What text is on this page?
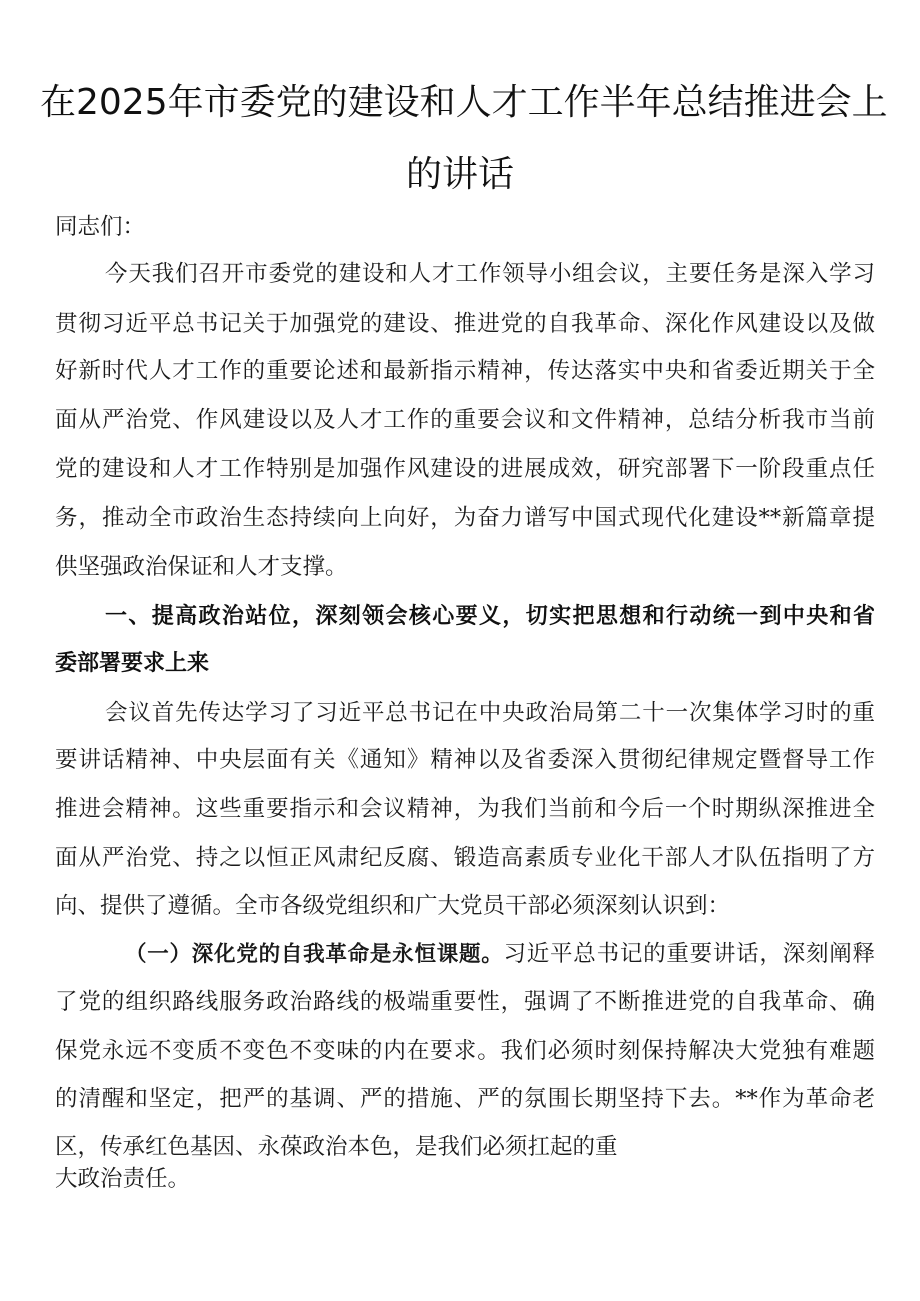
在2025年市委党的建设和人才工作半年总结推进会上
的讲话
同志们：
今天我们召开市委党的建设和人才工作领导小组会议，主要任务是深入学习
贯彻习近平总书记关于加强党的建设、推进党的自我革命、深化作风建设以及做
好新时代人才工作的重要论述和最新指示精神，传达落实中央和省委近期关于全
面从严治党、作风建设以及人才工作的重要会议和文件精神，总结分析我市当前
党的建设和人才工作特别是加强作风建设的进展成效，研究部署下一阶段重点任
务，推动全市政治生态持续向上向好，为奋力谱写中国式现代化建设**新篇章提
供坚强政治保证和人才支撑。
一、提高政治站位，深刻领会核心要义，切实把思想和行动统一到中央和省
委部署要求上来
会议首先传达学习了习近平总书记在中央政治局第二十一次集体学习时的重
要讲话精神、中央层面有关《通知》精神以及省委深入贯彻纪律规定暨督导工作
推进会精神。这些重要指示和会议精神，为我们当前和今后一个时期纵深推进全
面从严治党、持之以恒正风肃纪反腐、锻造高素质专业化干部人才队伍指明了方
向、提供了遵循。全市各级党组织和广大党员干部必须深刻认识到：
（一）深化党的自我革命是永恒课题。习近平总书记的重要讲话，深刻阐释
了党的组织路线服务政治路线的极端重要性，强调了不断推进党的自我革命、确
保党永远不变质不变色不变味的内在要求。我们必须时刻保持解决大党独有难题
的清醒和坚定，把严的基调、严的措施、严的氛围长期坚持下去。**作为革命老
区，传承红色基因、永葆政治本色，是我们必须扛起的重
大政治责任。
